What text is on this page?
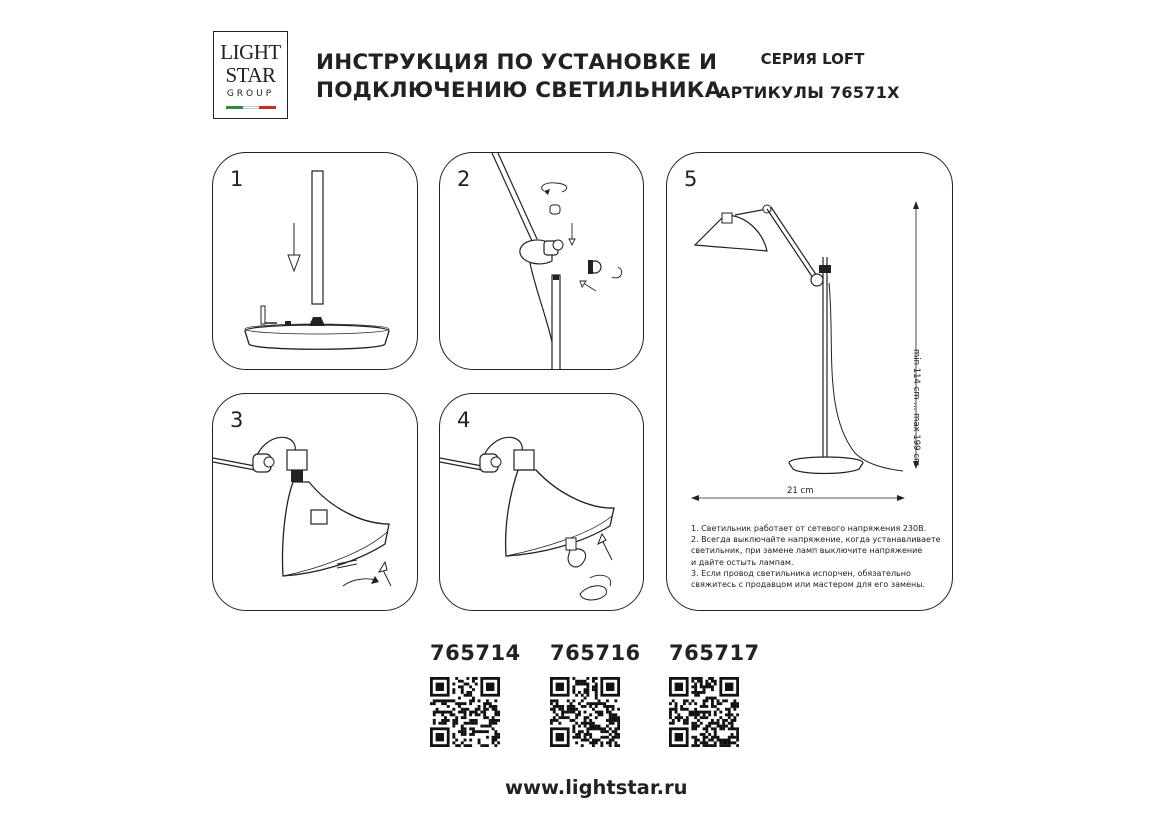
LIGHT
STAR
GROUP
ИНСТРУКЦИЯ ПО УСТАНОВКЕ И
ПОДКЛЮЧЕНИЮ СВЕТИЛЬНИКА
СЕРИЯ LOFT
АРТИКУЛЫ 76571X
1	2
3	4
5
min 114 cm ... max 199 cm
21 cm
1. Светильник работает от сетевого напряжения 230В.
2. Всегда выключайте напряжение, когда устанавливаете
светильник, при замене ламп выключите напряжение
и дайте остыть лампам.
3. Если провод светильника испорчен, обязательно
свяжитесь с продавцом или мастером для его замены.
765714 765716 765717
www.lightstar.ru
